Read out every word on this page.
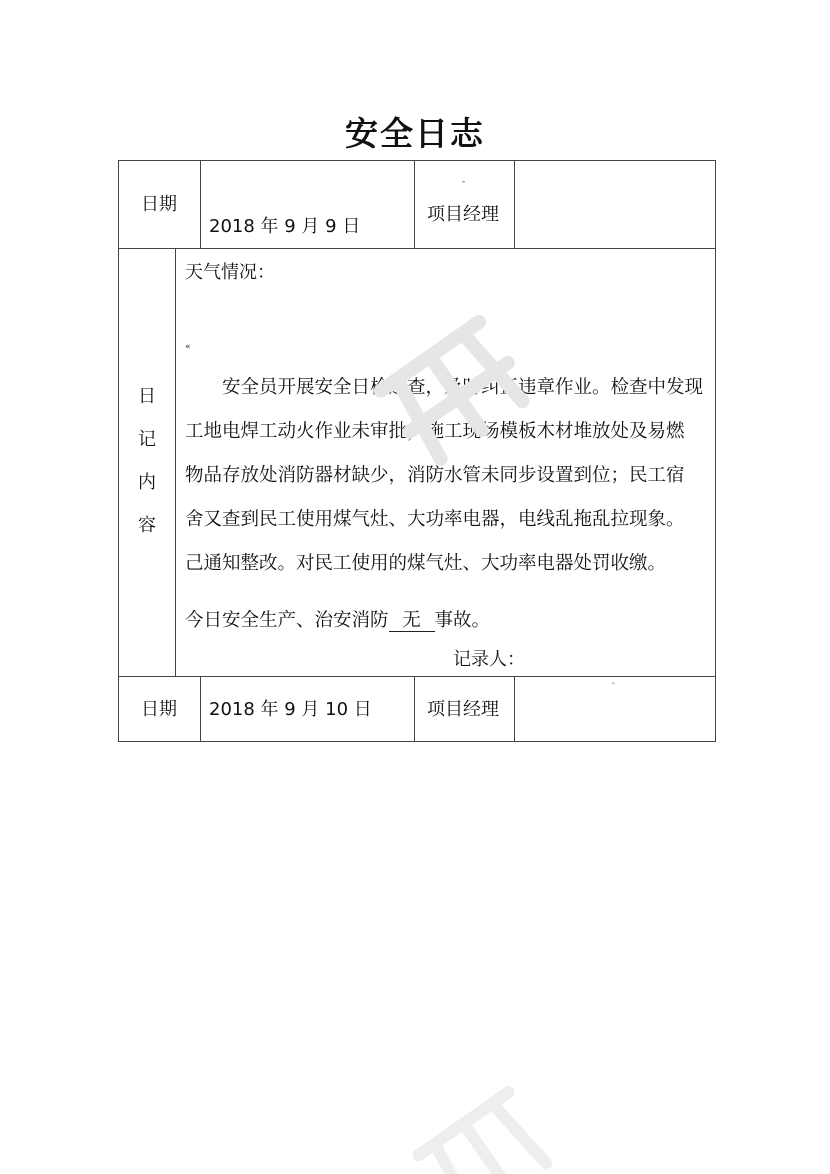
安全日志
日期
2018 年 9 月 9 日
-
项目经理
日
记
内
容
天气情况：
«
　　安全员开展安全日检巡查，及时纠正违章作业。检查中发现
工地电焊工动火作业未审批，施工现场模板木材堆放处及易燃
物品存放处消防器材缺少，消防水管未同步设置到位；民工宿
舍又查到民工使用煤气灶、大功率电器，电线乱拖乱拉现象。
己通知整改。对民工使用的煤气灶、大功率电器处罚收缴。
今日安全生产、治安消防 无 事故。
记录人：
日期 2018 年 9 月 10 日	项目经理
ﾟ
